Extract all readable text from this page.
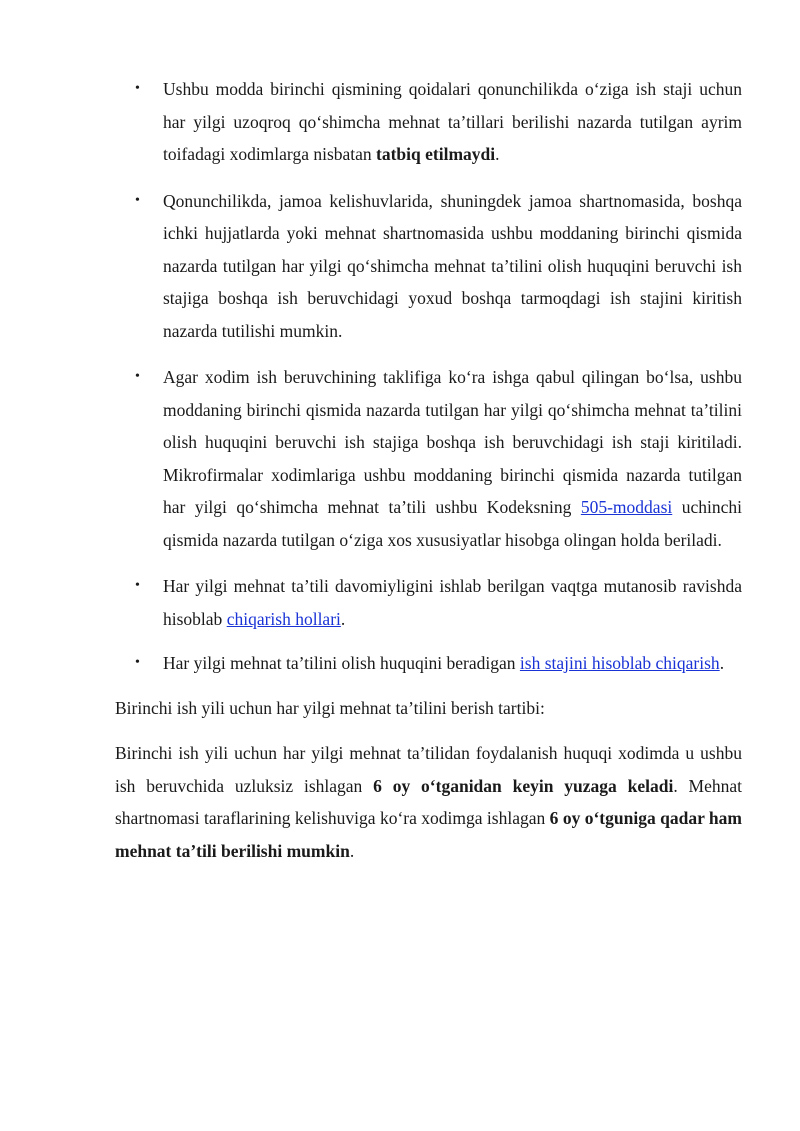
• Ushbu modda birinchi qismining qoidalari qonunchilikda o‘ziga ish staji uchun har yilgi uzoqroq qo‘shimcha mehnat ta’tillari berilishi nazarda tutilgan ayrim toifadagi xodimlarga nisbatan tatbiq etilmaydi.
• Qonunchilikda, jamoa kelishuvlarida, shuningdek jamoa shartnomasida, boshqa ichki hujjatlarda yoki mehnat shartnomasida ushbu moddaning birinchi qismida nazarda tutilgan har yilgi qo‘shimcha mehnat ta’tilini olish huquqini beruvchi ish stajiga boshqa ish beruvchidagi yoxud boshqa tarmoqdagi ish stajini kiritish nazarda tutilishi mumkin.
• Agar xodim ish beruvchining taklifiga ko‘ra ishga qabul qilingan bo‘lsa, ushbu moddaning birinchi qismida nazarda tutilgan har yilgi qo‘shimcha mehnat ta’tilini olish huquqini beruvchi ish stajiga boshqa ish beruvchidagi ish staji kiritiladi. Mikrofirmalar xodimlariga ushbu moddaning birinchi qismida nazarda tutilgan har yilgi qo‘shimcha mehnat ta’tili ushbu Kodeksning 505-moddasi uchinchi qismida nazarda tutilgan o‘ziga xos xususiyatlar hisobga olingan holda beriladi.
• Har yilgi mehnat ta’tili davomiyligini ishlab berilgan vaqtga mutanosib ravishda hisoblab chiqarish hollari.
• Har yilgi mehnat ta’tilini olish huquqini beradigan ish stajini hisoblab chiqarish.

Birinchi ish yili uchun har yilgi mehnat ta’tilini berish tartibi:

Birinchi ish yili uchun har yilgi mehnat ta’tilidan foydalanish huquqi xodimda u ushbu ish beruvchida uzluksiz ishlagan 6 oy o‘tganidan keyin yuzaga keladi. Mehnat shartnomasi taraflarining kelishuviga ko‘ra xodimga ishlagan 6 oy o‘tguniga qadar ham mehnat ta’tili berilishi mumkin.
